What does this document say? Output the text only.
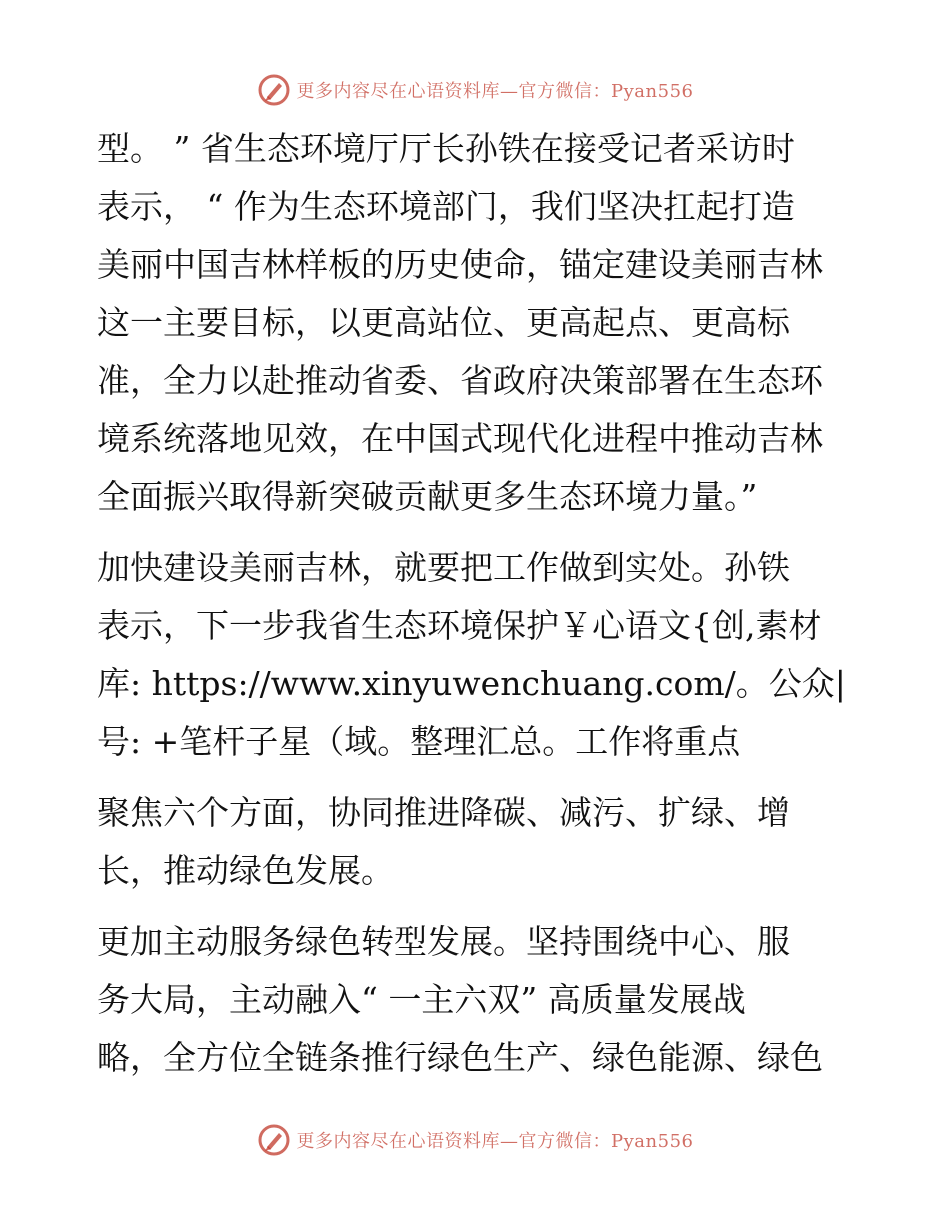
更多内容尽在心语资料库—官方微信：Pyan556

型。 ” 省生态环境厅厅长孙铁在接受记者采访时
表示， “ 作为生态环境部门，我们坚决扛起打造
美丽中国吉林样板的历史使命，锚定建设美丽吉林
这一主要目标，以更高站位、更高起点、更高标
准，全力以赴推动省委、省政府决策部署在生态环
境系统落地见效，在中国式现代化进程中推动吉林
全面振兴取得新突破贡献更多生态环境力量。”

加快建设美丽吉林，就要把工作做到实处。孙铁
表示，下一步我省生态环境保护￥心语文{创,素材
库: https://www.xinyuwenchuang.com/。公众|
号: +笔杆子星（域。整理汇总。工作将重点

聚焦六个方面，协同推进降碳、减污、扩绿、增
长，推动绿色发展。

更加主动服务绿色转型发展。坚持围绕中心、服
务大局，主动融入“ 一主六双” 高质量发展战
略，全方位全链条推行绿色生产、绿色能源、绿色

更多内容尽在心语资料库—官方微信：Pyan556
